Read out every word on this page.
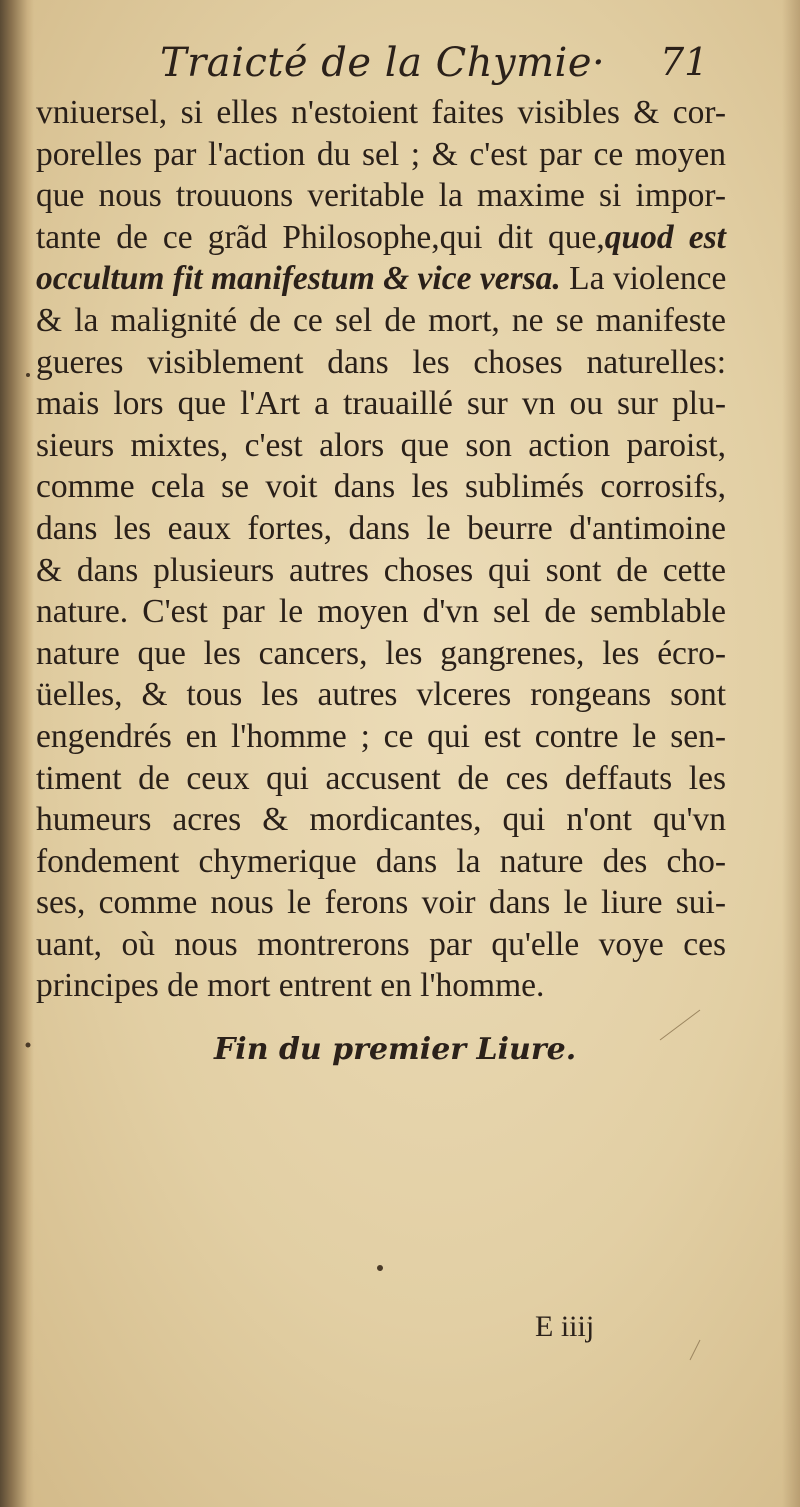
Traicté de la Chymie· 71
vniuersel, si elles n'estoient faites visibles & cor-
porelles par l'action du sel ; & c'est par ce moyen
que nous trouuons veritable la maxime si impor-
tante de ce grãd Philosophe,qui dit que,quod est
occultum fit manifestum & vice versa. La violence
& la malignité de ce sel de mort, ne se manifeste
gueres visiblement dans les choses naturelles:
mais lors que l'Art a trauaillé sur vn ou sur plu-
sieurs mixtes, c'est alors que son action paroist,
comme cela se voit dans les sublimés corrosifs,
dans les eaux fortes, dans le beurre d'antimoine
& dans plusieurs autres choses qui sont de cette
nature. C'est par le moyen d'vn sel de semblable
nature que les cancers, les gangrenes, les écro-
üelles, & tous les autres vlceres rongeans sont
engendrés en l'homme ; ce qui est contre le sen-
timent de ceux qui accusent de ces deffauts les
humeurs acres & mordicantes, qui n'ont qu'vn
fondement chymerique dans la nature des cho-
ses, comme nous le ferons voir dans le liure sui-
uant, où nous montrerons par qu'elle voye ces
principes de mort entrent en l'homme.
Fin du premier Liure.
E iiij
